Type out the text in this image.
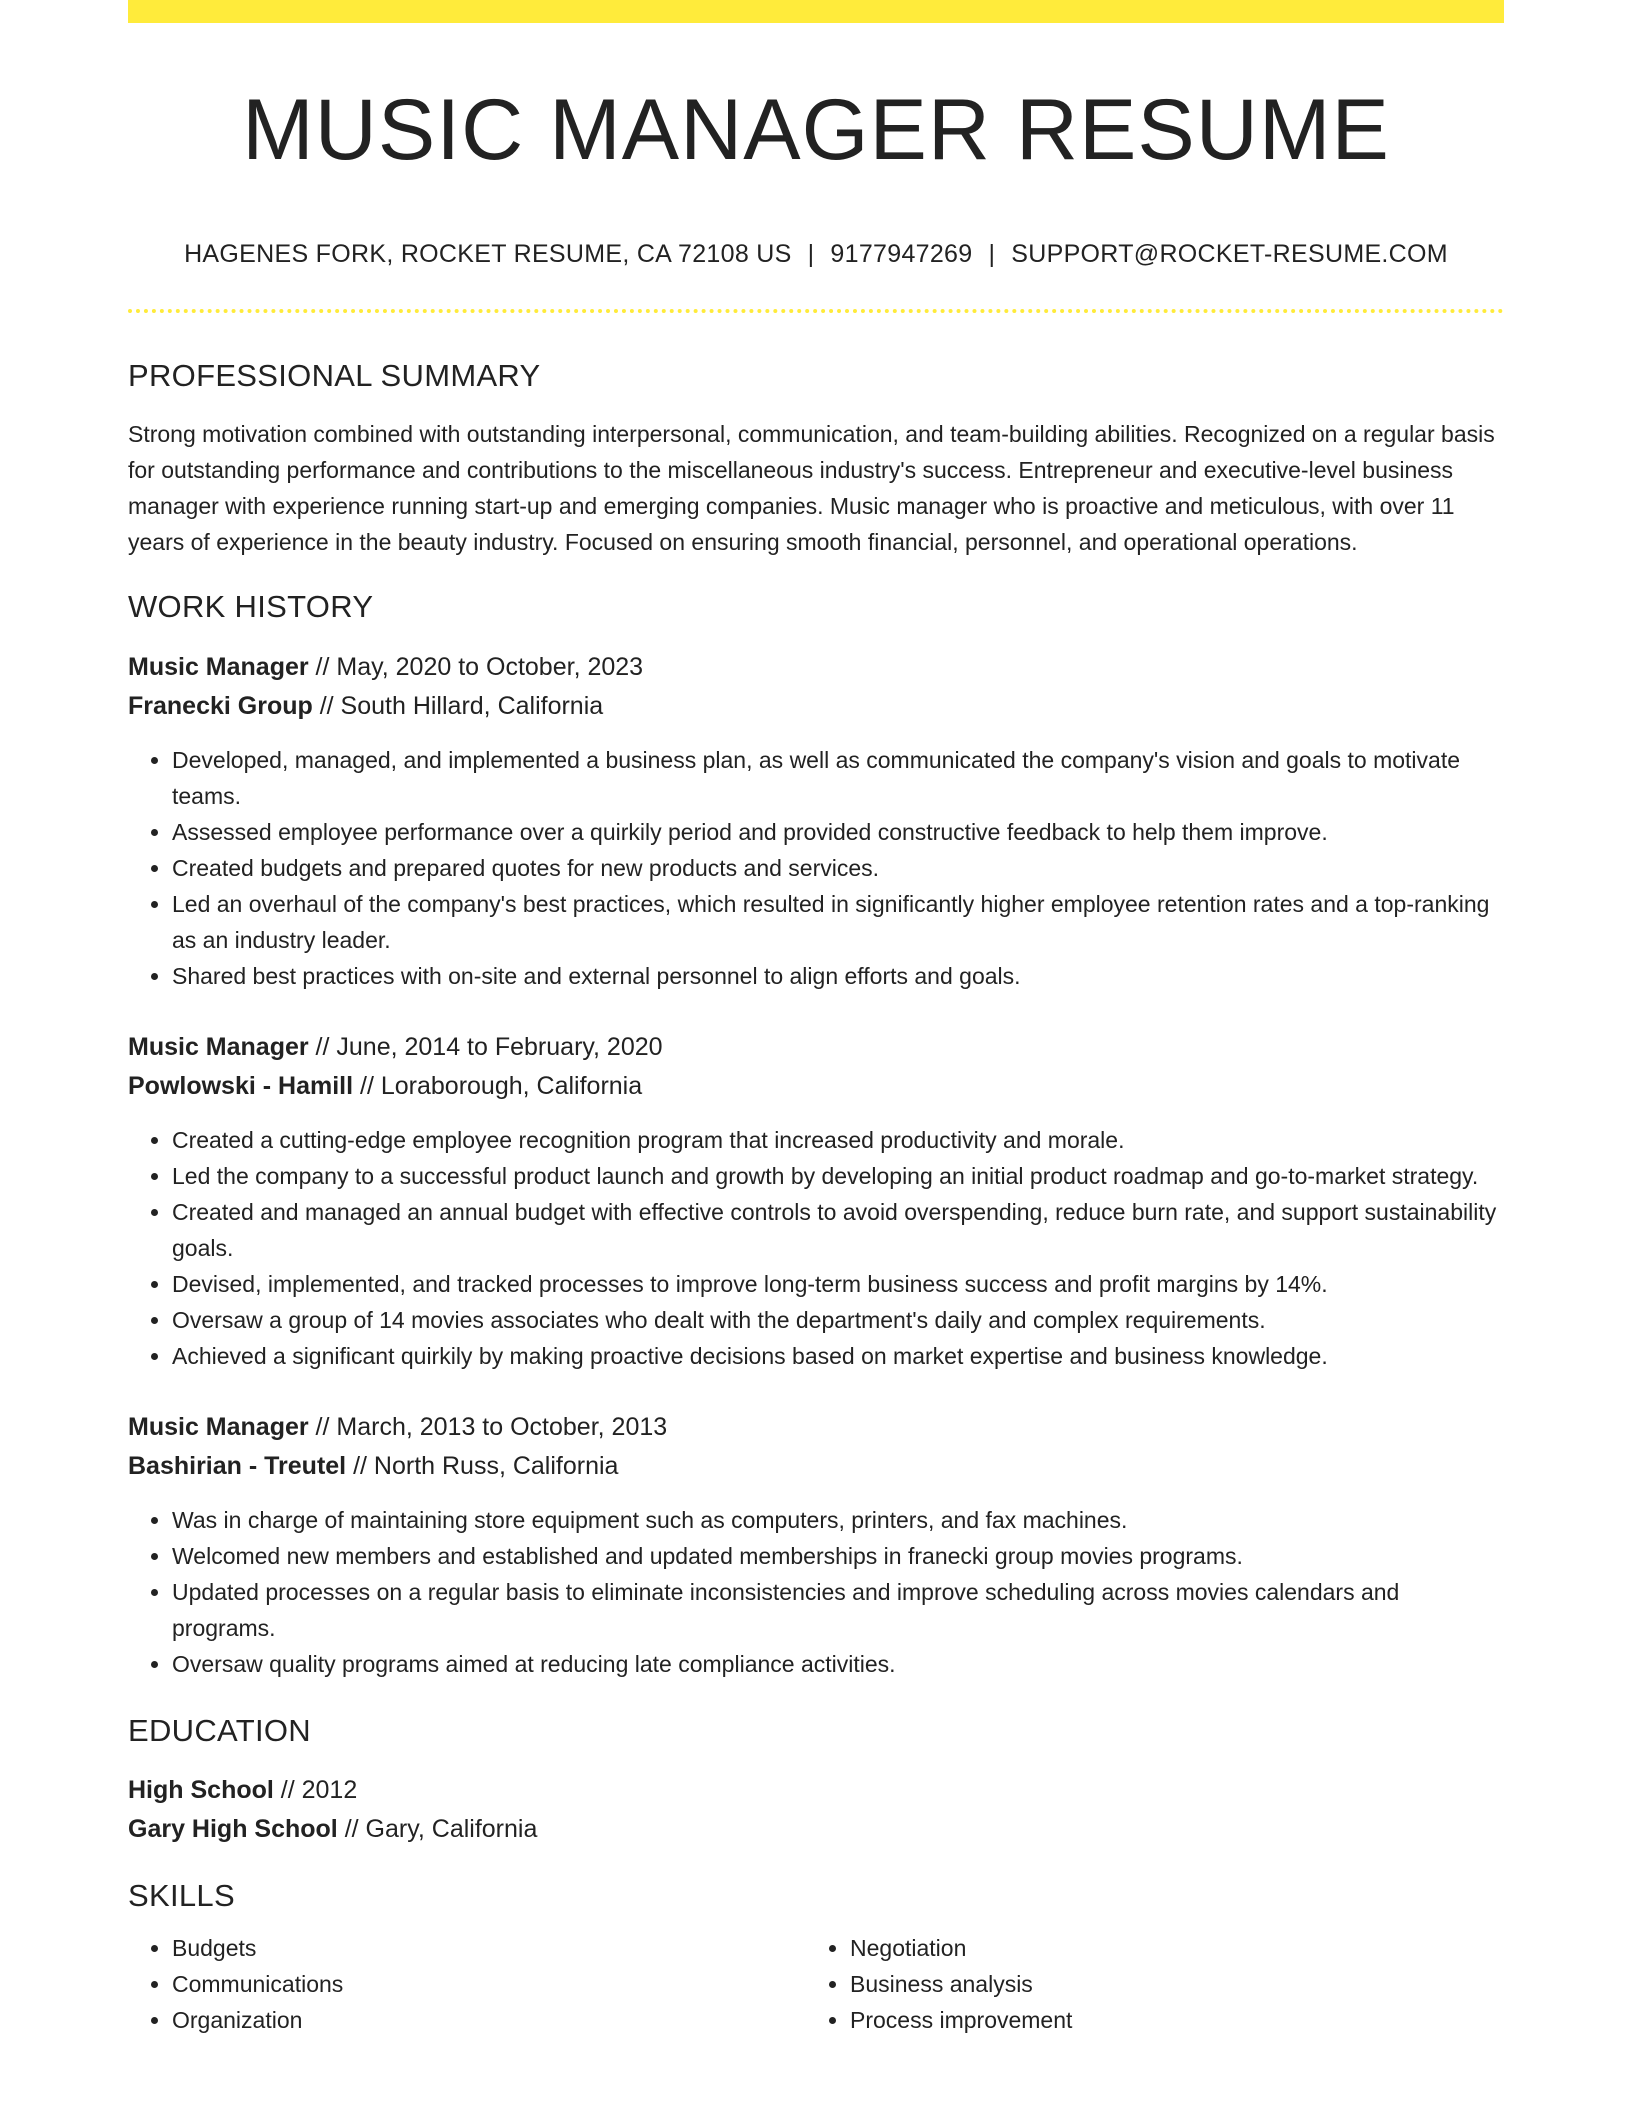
MUSIC MANAGER RESUME
HAGENES FORK, ROCKET RESUME, CA 72108 US | 9177947269 | SUPPORT@ROCKET-RESUME.COM
PROFESSIONAL SUMMARY
Strong motivation combined with outstanding interpersonal, communication, and team-building abilities. Recognized on a regular basis for outstanding performance and contributions to the miscellaneous industry's success. Entrepreneur and executive-level business manager with experience running start-up and emerging companies. Music manager who is proactive and meticulous, with over 11 years of experience in the beauty industry. Focused on ensuring smooth financial, personnel, and operational operations.
WORK HISTORY
Music Manager // May, 2020 to October, 2023
Franecki Group // South Hillard, California
• Developed, managed, and implemented a business plan, as well as communicated the company's vision and goals to motivate teams.
• Assessed employee performance over a quirkily period and provided constructive feedback to help them improve.
• Created budgets and prepared quotes for new products and services.
• Led an overhaul of the company's best practices, which resulted in significantly higher employee retention rates and a top-ranking as an industry leader.
• Shared best practices with on-site and external personnel to align efforts and goals.
Music Manager // June, 2014 to February, 2020
Powlowski - Hamill // Loraborough, California
• Created a cutting-edge employee recognition program that increased productivity and morale.
• Led the company to a successful product launch and growth by developing an initial product roadmap and go-to-market strategy.
• Created and managed an annual budget with effective controls to avoid overspending, reduce burn rate, and support sustainability goals.
• Devised, implemented, and tracked processes to improve long-term business success and profit margins by 14%.
• Oversaw a group of 14 movies associates who dealt with the department's daily and complex requirements.
• Achieved a significant quirkily by making proactive decisions based on market expertise and business knowledge.
Music Manager // March, 2013 to October, 2013
Bashirian - Treutel // North Russ, California
• Was in charge of maintaining store equipment such as computers, printers, and fax machines.
• Welcomed new members and established and updated memberships in franecki group movies programs.
• Updated processes on a regular basis to eliminate inconsistencies and improve scheduling across movies calendars and programs.
• Oversaw quality programs aimed at reducing late compliance activities.
EDUCATION
High School // 2012
Gary High School // Gary, California
SKILLS
• Budgets
• Communications
• Organization
• Negotiation
• Business analysis
• Process improvement
